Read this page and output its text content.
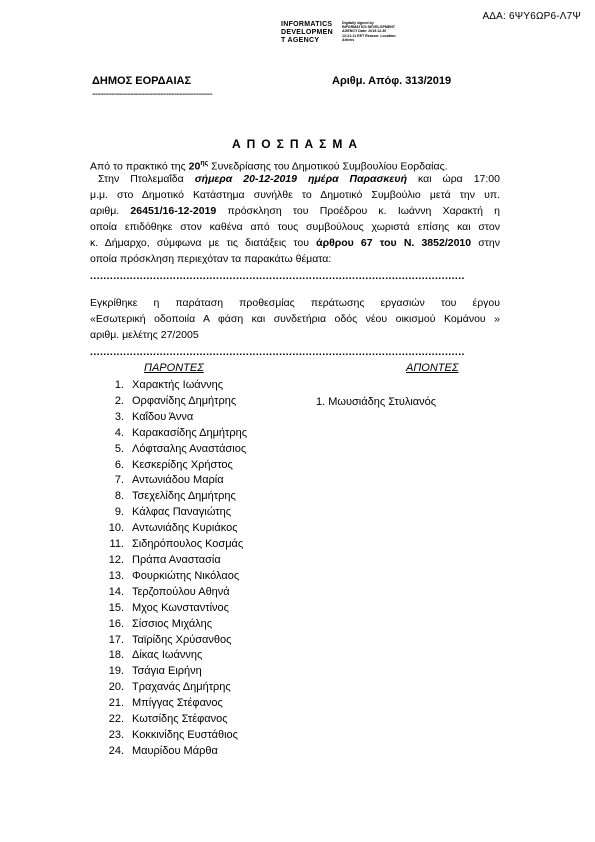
ΑΔΑ: 6ΨΥ6ΩΡ6-Λ7Ψ
INFORMATICS
DEVELOPMEN
T AGENCY
Digitally signed by INFORMATICS DEVELOPMENT AGENCY Date: 2019.12.30 12:21:11 EET Reason: Location: Athens
ΔΗΜΟΣ ΕΟΡΔΑΙΑΣ	Αριθμ. Απόφ. 313/2019
--------------------------------------------
ΑΠΟΣΠΑΣΜΑ
Από το πρακτικό της $20^{\eta\varsigma}$ Συνεδρίασης του Δημοτικού Συμβουλίου Εορδαίας.
Στην Πτολεμαΐδα σήμερα 20-12-2019 ημέρα Παρασκευή και ώρα 17:00
μ.μ. στο Δημοτικό Κατάστημα συνήλθε το Δημοτικό Συμβούλιο μετά την υπ.
αριθμ. 26451/16-12-2019 πρόσκληση του Προέδρου κ. Ιωάννη Χαρακτή η
οποία επιδόθηκε στον καθένα από τους συμβούλους χωριστά επίσης και στον
κ. Δήμαρχο, σύμφωνα με τις διατάξεις του άρθρου 67 του Ν. 3852/2010 στην
οποία πρόσκληση περιεχόταν τα παρακάτω θέματα:
.................................................................................................................
Εγκρίθηκε η παράταση προθεσμίας περάτωσης εργασιών του έργου
«Εσωτερική οδοποιία Α φάση και συνδετήρια οδός νέου οικισμού Κομάνου »
αριθμ. μελέτης 27/2005
.................................................................................................................
ΠΑΡΟΝΤΕΣ	ΑΠΟΝΤΕΣ
1. Χαρακτής Ιωάννης
2. Ορφανίδης Δημήτρης
3. Καΐδου Άννα
4. Καρακασίδης Δημήτρης
5. Λόφτσαλης Αναστάσιος
6. Κεσκερίδης Χρήστος
7. Αντωνιάδου Μαρία
8. Τσεχελίδης Δημήτρης
9. Κάλφας Παναγιώτης
10. Αντωνιάδης Κυριάκος
11. Σιδηρόπουλος Κοσμάς
12. Πράπα Αναστασία
13. Φουρκιώτης Νικόλαος
14. Τερζοπούλου Αθηνά
15. Μχος Κωνσταντίνος
16. Σίσσιος Μιχάλης
17. Ταϊρίδης Χρύσανθος
18. Δίκας Ιωάννης
19. Τσάγια Ειρήνη
20. Τραχανάς Δημήτρης
21. Μπίγγας Στέφανος
22. Κωτσίδης Στέφανος
23. Κοκκινίδης Ευστάθιος
24. Μαυρίδου Μάρθα
1. Μωυσιάδης Στυλιανός
